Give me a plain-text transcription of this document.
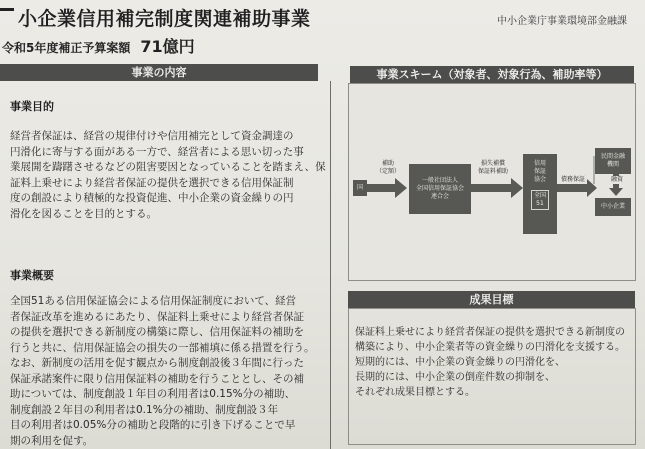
小企業信用補完制度関連補助事業	中小企業庁事業環境部金融課
令和5年度補正予算案額 71億円
事業の内容
事業目的
経営者保証は、経営の規律付けや信用補完として資金調達の
円滑化に寄与する面がある一方で、経営者による思い切った事
業展開を躊躇させるなどの阻害要因となっていることを踏まえ、保
証料上乗せにより経営者保証の提供を選択できる信用保証制
度の創設により積極的な投資促進、中小企業の資金繰りの円
滑化を図ることを目的とする。
事業概要
全国51ある信用保証協会による信用保証制度において、経営
者保証改革を進めるにあたり、保証料上乗せにより経営者保証
の提供を選択できる新制度の構築に際し、信用保証料の補助を
行うと共に、信用保証協会の損失の一部補填に係る措置を行う。
なお、新制度の活用を促す観点から制度創設後３年間に行った
保証承諾案件に限り信用保証料の補助を行うこととし、その補
助については、制度創設１年目の利用者は0.15%分の補助、
制度創設２年目の利用者は0.1%分の補助、制度創設３年
目の利用者は0.05%分の補助と段階的に引き下げることで早
期の利用を促す。
事業スキーム（対象者、対象行為、補助率等）
国
補助
（定額）
一般社団法人
全国信用保証協会
連合会
損失補償
保証料補助
信用
保証
協会
全国
51
債務保証
民間金融
機関
融資
中小企業
成果目標
保証料上乗せにより経営者保証の提供を選択できる新制度の
構築により、中小企業者等の資金繰りの円滑化を支援する。
短期的には、中小企業の資金繰りの円滑化を、
長期的には、中小企業の倒産件数の抑制を、
それぞれ成果目標とする。
